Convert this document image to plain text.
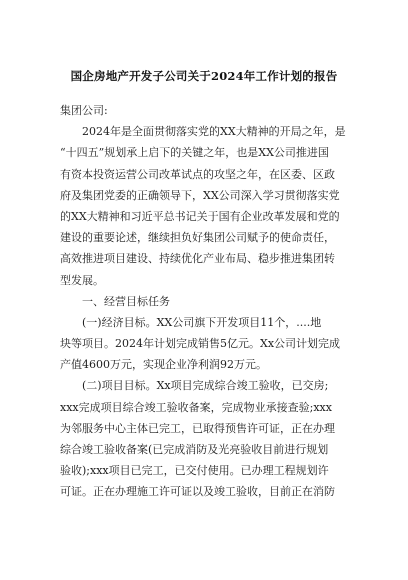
国企房地产开发子公司关于2024年工作计划的报告
集团公司:
2024年是全面贯彻落实党的XX大精神的开局之年，是
“十四五”规划承上启下的关键之年，也是XX公司推进国
有资本投资运营公司改革试点的攻坚之年，在区委、区政
府及集团党委的正确领导下，XX公司深入学习贯彻落实党
的XX大精神和习近平总书记关于国有企业改革发展和党的
建设的重要论述，继续担负好集团公司赋予的使命责任，
高效推进项目建设、持续优化产业布局、稳步推进集团转
型发展。
一、经营目标任务
(一)经济目标。XX公司旗下开发项目11个，....地
块等项目。2024年计划完成销售5亿元。Xx公司计划完成
产值4600万元，实现企业净利润92万元。
(二)项目目标。Xx项目完成综合竣工验收，已交房;
xxx完成项目综合竣工验收备案，完成物业承接查验;xxx
为邻服务中心主体已完工，已取得预售许可证，正在办理
综合竣工验收备案(已完成消防及光亮验收目前进行规划
验收);xxx项目已完工，已交付使用。已办理工程规划许
可证。正在办理施工许可证以及竣工验收，目前正在消防
